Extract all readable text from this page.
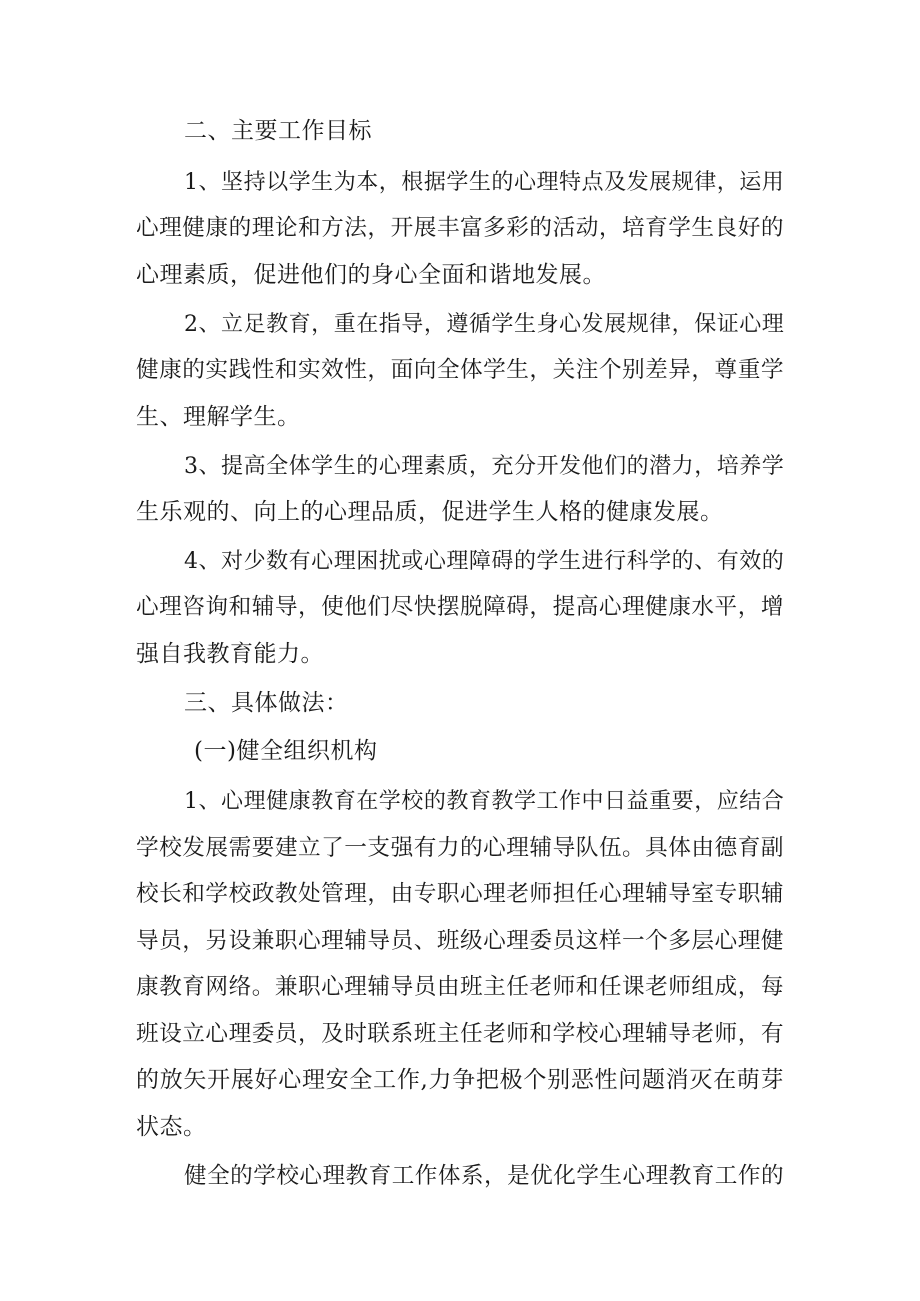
二、主要工作目标
1、坚持以学生为本，根据学生的心理特点及发展规律，运用
心理健康的理论和方法，开展丰富多彩的活动，培育学生良好的
心理素质，促进他们的身心全面和谐地发展。
2、立足教育，重在指导，遵循学生身心发展规律，保证心理
健康的实践性和实效性，面向全体学生，关注个别差异，尊重学
生、理解学生。
3、提高全体学生的心理素质，充分开发他们的潜力，培养学
生乐观的、向上的心理品质，促进学生人格的健康发展。
4、对少数有心理困扰或心理障碍的学生进行科学的、有效的
心理咨询和辅导，使他们尽快摆脱障碍，提高心理健康水平，增
强自我教育能力。
三、具体做法：
(一)健全组织机构
1、心理健康教育在学校的教育教学工作中日益重要，应结合
学校发展需要建立了一支强有力的心理辅导队伍。具体由德育副
校长和学校政教处管理，由专职心理老师担任心理辅导室专职辅
导员，另设兼职心理辅导员、班级心理委员这样一个多层心理健
康教育网络。兼职心理辅导员由班主任老师和任课老师组成，每
班设立心理委员，及时联系班主任老师和学校心理辅导老师，有
的放矢开展好心理安全工作,力争把极个别恶性问题消灭在萌芽
状态。
健全的学校心理教育工作体系，是优化学生心理教育工作的
